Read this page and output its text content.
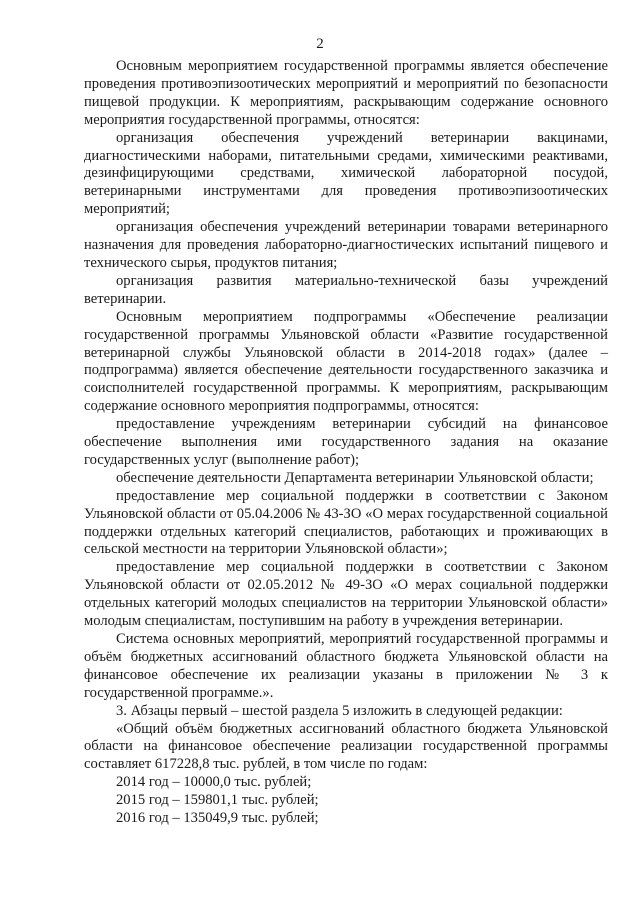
2

Основным мероприятием государственной программы является обеспечение проведения противоэпизоотических мероприятий и мероприятий по безопасности пищевой продукции. К мероприятиям, раскрывающим содержание основного мероприятия государственной программы, относятся:

организация обеспечения учреждений ветеринарии вакцинами, диагностическими наборами, питательными средами, химическими реактивами, дезинфицирующими средствами, химической лабораторной посудой, ветеринарными инструментами для проведения противоэпизоотических мероприятий;

организация обеспечения учреждений ветеринарии товарами ветеринарного назначения для проведения лабораторно-диагностических испытаний пищевого и технического сырья, продуктов питания;

организация развития материально-технической базы учреждений ветеринарии.

Основным мероприятием подпрограммы «Обеспечение реализации государственной программы Ульяновской области «Развитие государственной ветеринарной службы Ульяновской области в 2014-2018 годах» (далее – подпрограмма) является обеспечение деятельности государственного заказчика и соисполнителей государственной программы. К мероприятиям, раскрывающим содержание основного мероприятия подпрограммы, относятся:

предоставление учреждениям ветеринарии субсидий на финансовое обеспечение выполнения ими государственного задания на оказание государственных услуг (выполнение работ);

обеспечение деятельности Департамента ветеринарии Ульяновской области;

предоставление мер социальной поддержки в соответствии с Законом Ульяновской области от 05.04.2006 № 43-ЗО «О мерах государственной социальной поддержки отдельных категорий специалистов, работающих и проживающих в сельской местности на территории Ульяновской области»;

предоставление мер социальной поддержки в соответствии с Законом Ульяновской области от 02.05.2012 № 49-ЗО «О мерах социальной поддержки отдельных категорий молодых специалистов на территории Ульяновской области» молодым специалистам, поступившим на работу в учреждения ветеринарии.

Система основных мероприятий, мероприятий государственной программы и объём бюджетных ассигнований областного бюджета Ульяновской области на финансовое обеспечение их реализации указаны в приложении № 3 к государственной программе.».

3. Абзацы первый – шестой раздела 5 изложить в следующей редакции:

«Общий объём бюджетных ассигнований областного бюджета Ульяновской области на финансовое обеспечение реализации государственной программы составляет 617228,8 тыс. рублей, в том числе по годам:

2014 год – 10000,0 тыс. рублей;

2015 год – 159801,1 тыс. рублей;

2016 год – 135049,9 тыс. рублей;
